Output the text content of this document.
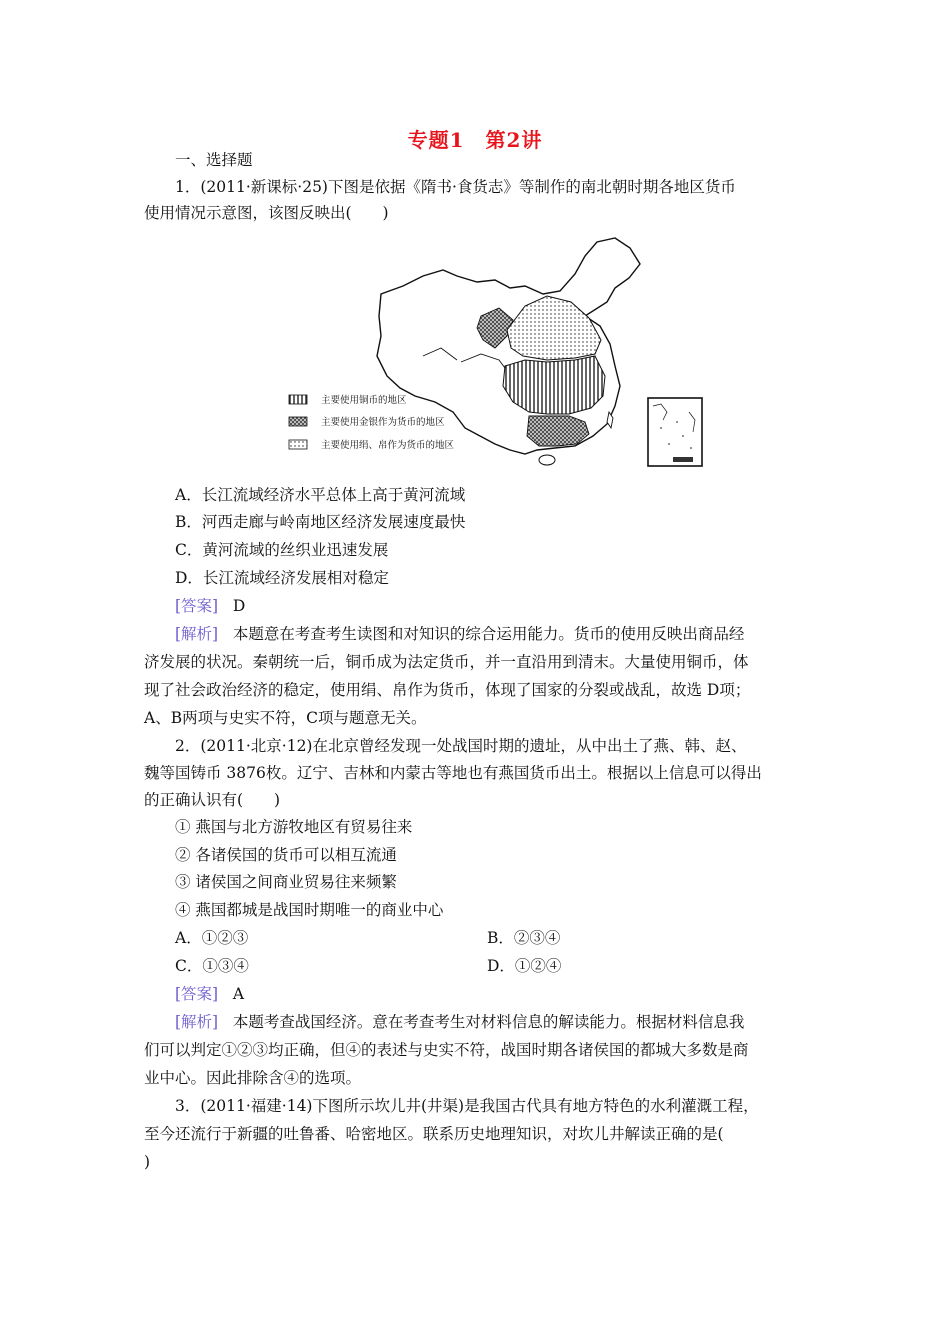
专题1　第2讲
一、选择题
1．(2011·新课标·25)下图是依据《隋书·食货志》等制作的南北朝时期各地区货币
使用情况示意图，该图反映出(　　)
主要使用铜币的地区
主要使用金银作为货币的地区
主要使用绢、帛作为货币的地区
A．长江流域经济水平总体上高于黄河流域
B．河西走廊与岭南地区经济发展速度最快
C．黄河流域的丝织业迅速发展
D．长江流域经济发展相对稳定
[答案] D
[解析] 本题意在考查考生读图和对知识的综合运用能力。货币的使用反映出商品经
济发展的状况。秦朝统一后，铜币成为法定货币，并一直沿用到清末。大量使用铜币，体
现了社会政治经济的稳定，使用绢、帛作为货币，体现了国家的分裂或战乱，故选 D项；
A、B两项与史实不符，C项与题意无关。
2．(2011·北京·12)在北京曾经发现一处战国时期的遗址，从中出土了燕、韩、赵、
魏等国铸币 3876枚。辽宁、吉林和内蒙古等地也有燕国货币出土。根据以上信息可以得出
的正确认识有(　　)
① 燕国与北方游牧地区有贸易往来
② 各诸侯国的货币可以相互流通
③ 诸侯国之间商业贸易往来频繁
④ 燕国都城是战国时期唯一的商业中心
A．①②③	B．②③④
C．①③④	D．①②④
[答案] A
[解析] 本题考查战国经济。意在考查考生对材料信息的解读能力。根据材料信息我
们可以判定①②③均正确，但④的表述与史实不符，战国时期各诸侯国的都城大多数是商
业中心。因此排除含④的选项。
3．(2011·福建·14)下图所示坎儿井(井渠)是我国古代具有地方特色的水利灌溉工程，
至今还流行于新疆的吐鲁番、哈密地区。联系历史地理知识，对坎儿井解读正确的是(
)
